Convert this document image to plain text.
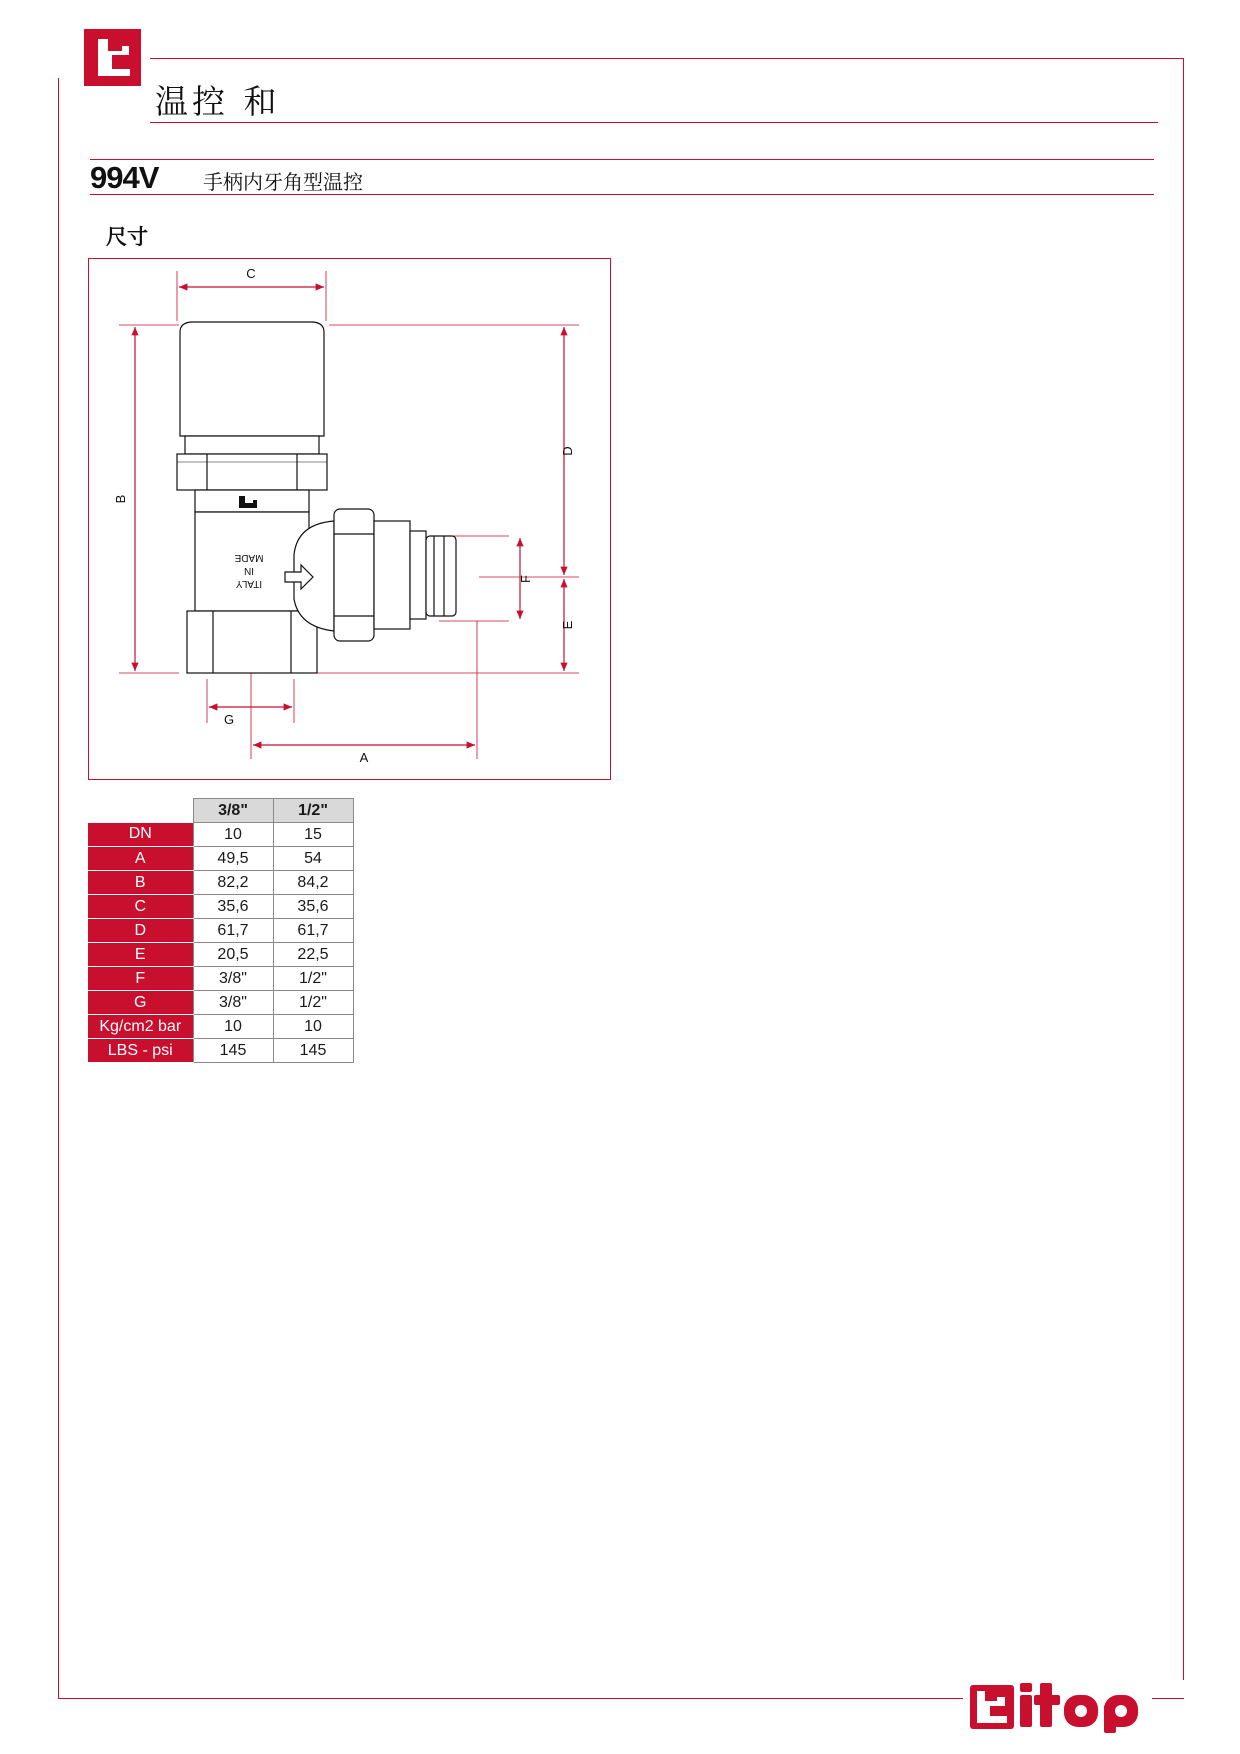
温控 和
994V 手柄内牙角型温控
尺寸
C
B
D
E
F
G
A
MADE
IN
ITALY
	3/8"	1/2"
DN	10	15
A	49,5	54
B	82,2	84,2
C	35,6	35,6
D	61,7	61,7
E	20,5	22,5
F	3/8"	1/2"
G	3/8"	1/2"
Kg/cm2 bar	10	10
LBS - psi	145	145
